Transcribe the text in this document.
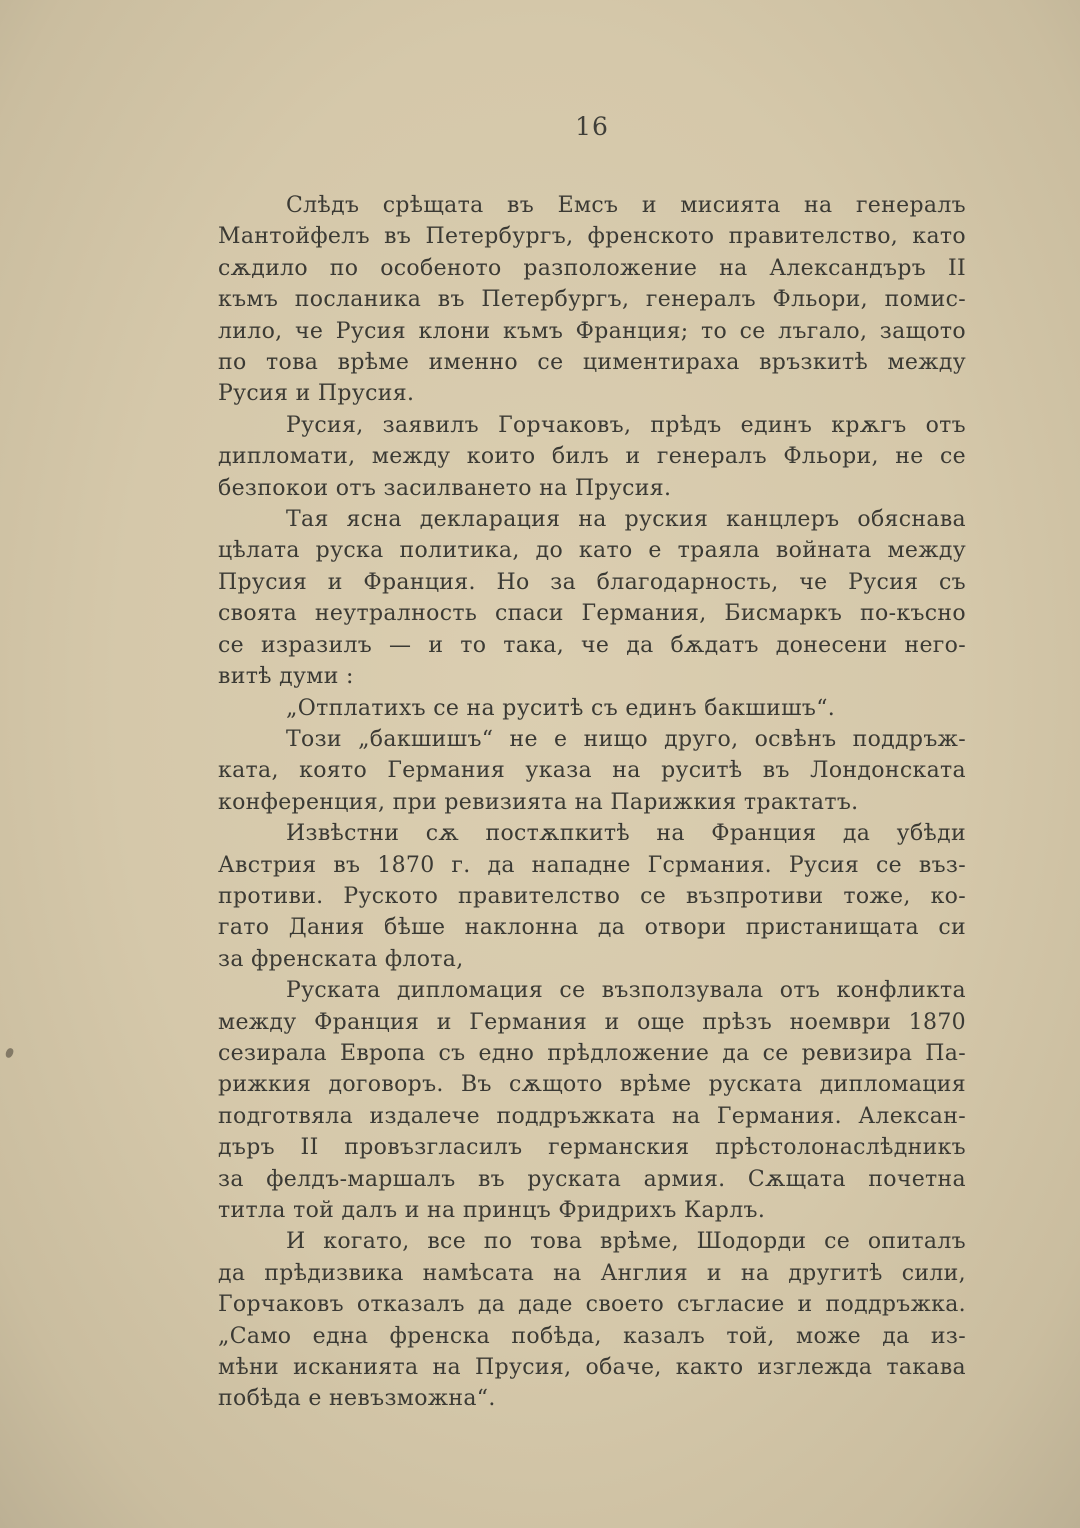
16
Слѣдъ срѣщата въ Емсъ и мисията на генералъ
Мантойфелъ въ Петербургъ, френското правителство, като
сѫдило по особеното разположение на Александъръ II
къмъ посланика въ Петербургъ, генералъ Фльори, помис-
лило, че Русия клони къмъ Франция; то се лъгало, защото
по това врѣме именно се циментираха връзкитѣ между
Русия и Прусия.
Русия, заявилъ Горчаковъ, прѣдъ единъ крѫгъ отъ
дипломати, между които билъ и генералъ Фльори, не се
безпокои отъ засилването на Прусия.
Тая ясна декларация на руския канцлеръ обяснава
цѣлата руска политика, до като е траяла войната между
Прусия и Франция. Но за благодарность, че Русия съ
своята неутралность спаси Германия, Бисмаркъ по-късно
се изразилъ — и то така, че да бѫдатъ донесени него-
витѣ думи :
„Отплатихъ се на руситѣ съ единъ бакшишъ“.
Този „бакшишъ“ не е нищо друго, освѣнъ поддръж-
ката, която Германия указа на руситѣ въ Лондонската
конференция, при ревизията на Парижкия трактатъ.
Извѣстни сѫ постѫпкитѣ на Франция да убѣди
Австрия въ 1870 г. да нападне Гсрмания. Русия се въз-
противи. Руското правителство се възпротиви тоже, ко-
гато Дания бѣше наклонна да отвори пристанищата си
за френската флота,
Руската дипломация се възползувала отъ конфликта
между Франция и Германия и още прѣзъ ноември 1870
сезирала Европа съ едно прѣдложение да се ревизира Па-
рижкия договоръ. Въ сѫщото врѣме руската дипломация
подготвяла издалече поддръжката на Германия. Алексан-
дъръ II провъзгласилъ германския прѣстолонаслѣдникъ
за фелдъ-маршалъ въ руската армия. Сѫщата почетна
титла той далъ и на принцъ Фридрихъ Карлъ.
И когато, все по това врѣме, Шодорди се опиталъ
да прѣдизвика намѣсата на Англия и на другитѣ сили,
Горчаковъ отказалъ да даде своето съгласие и поддръжка.
„Само една френска побѣда, казалъ той, може да из-
мѣни исканията на Прусия, обаче, както изглежда такава
побѣда е невъзможна“.
